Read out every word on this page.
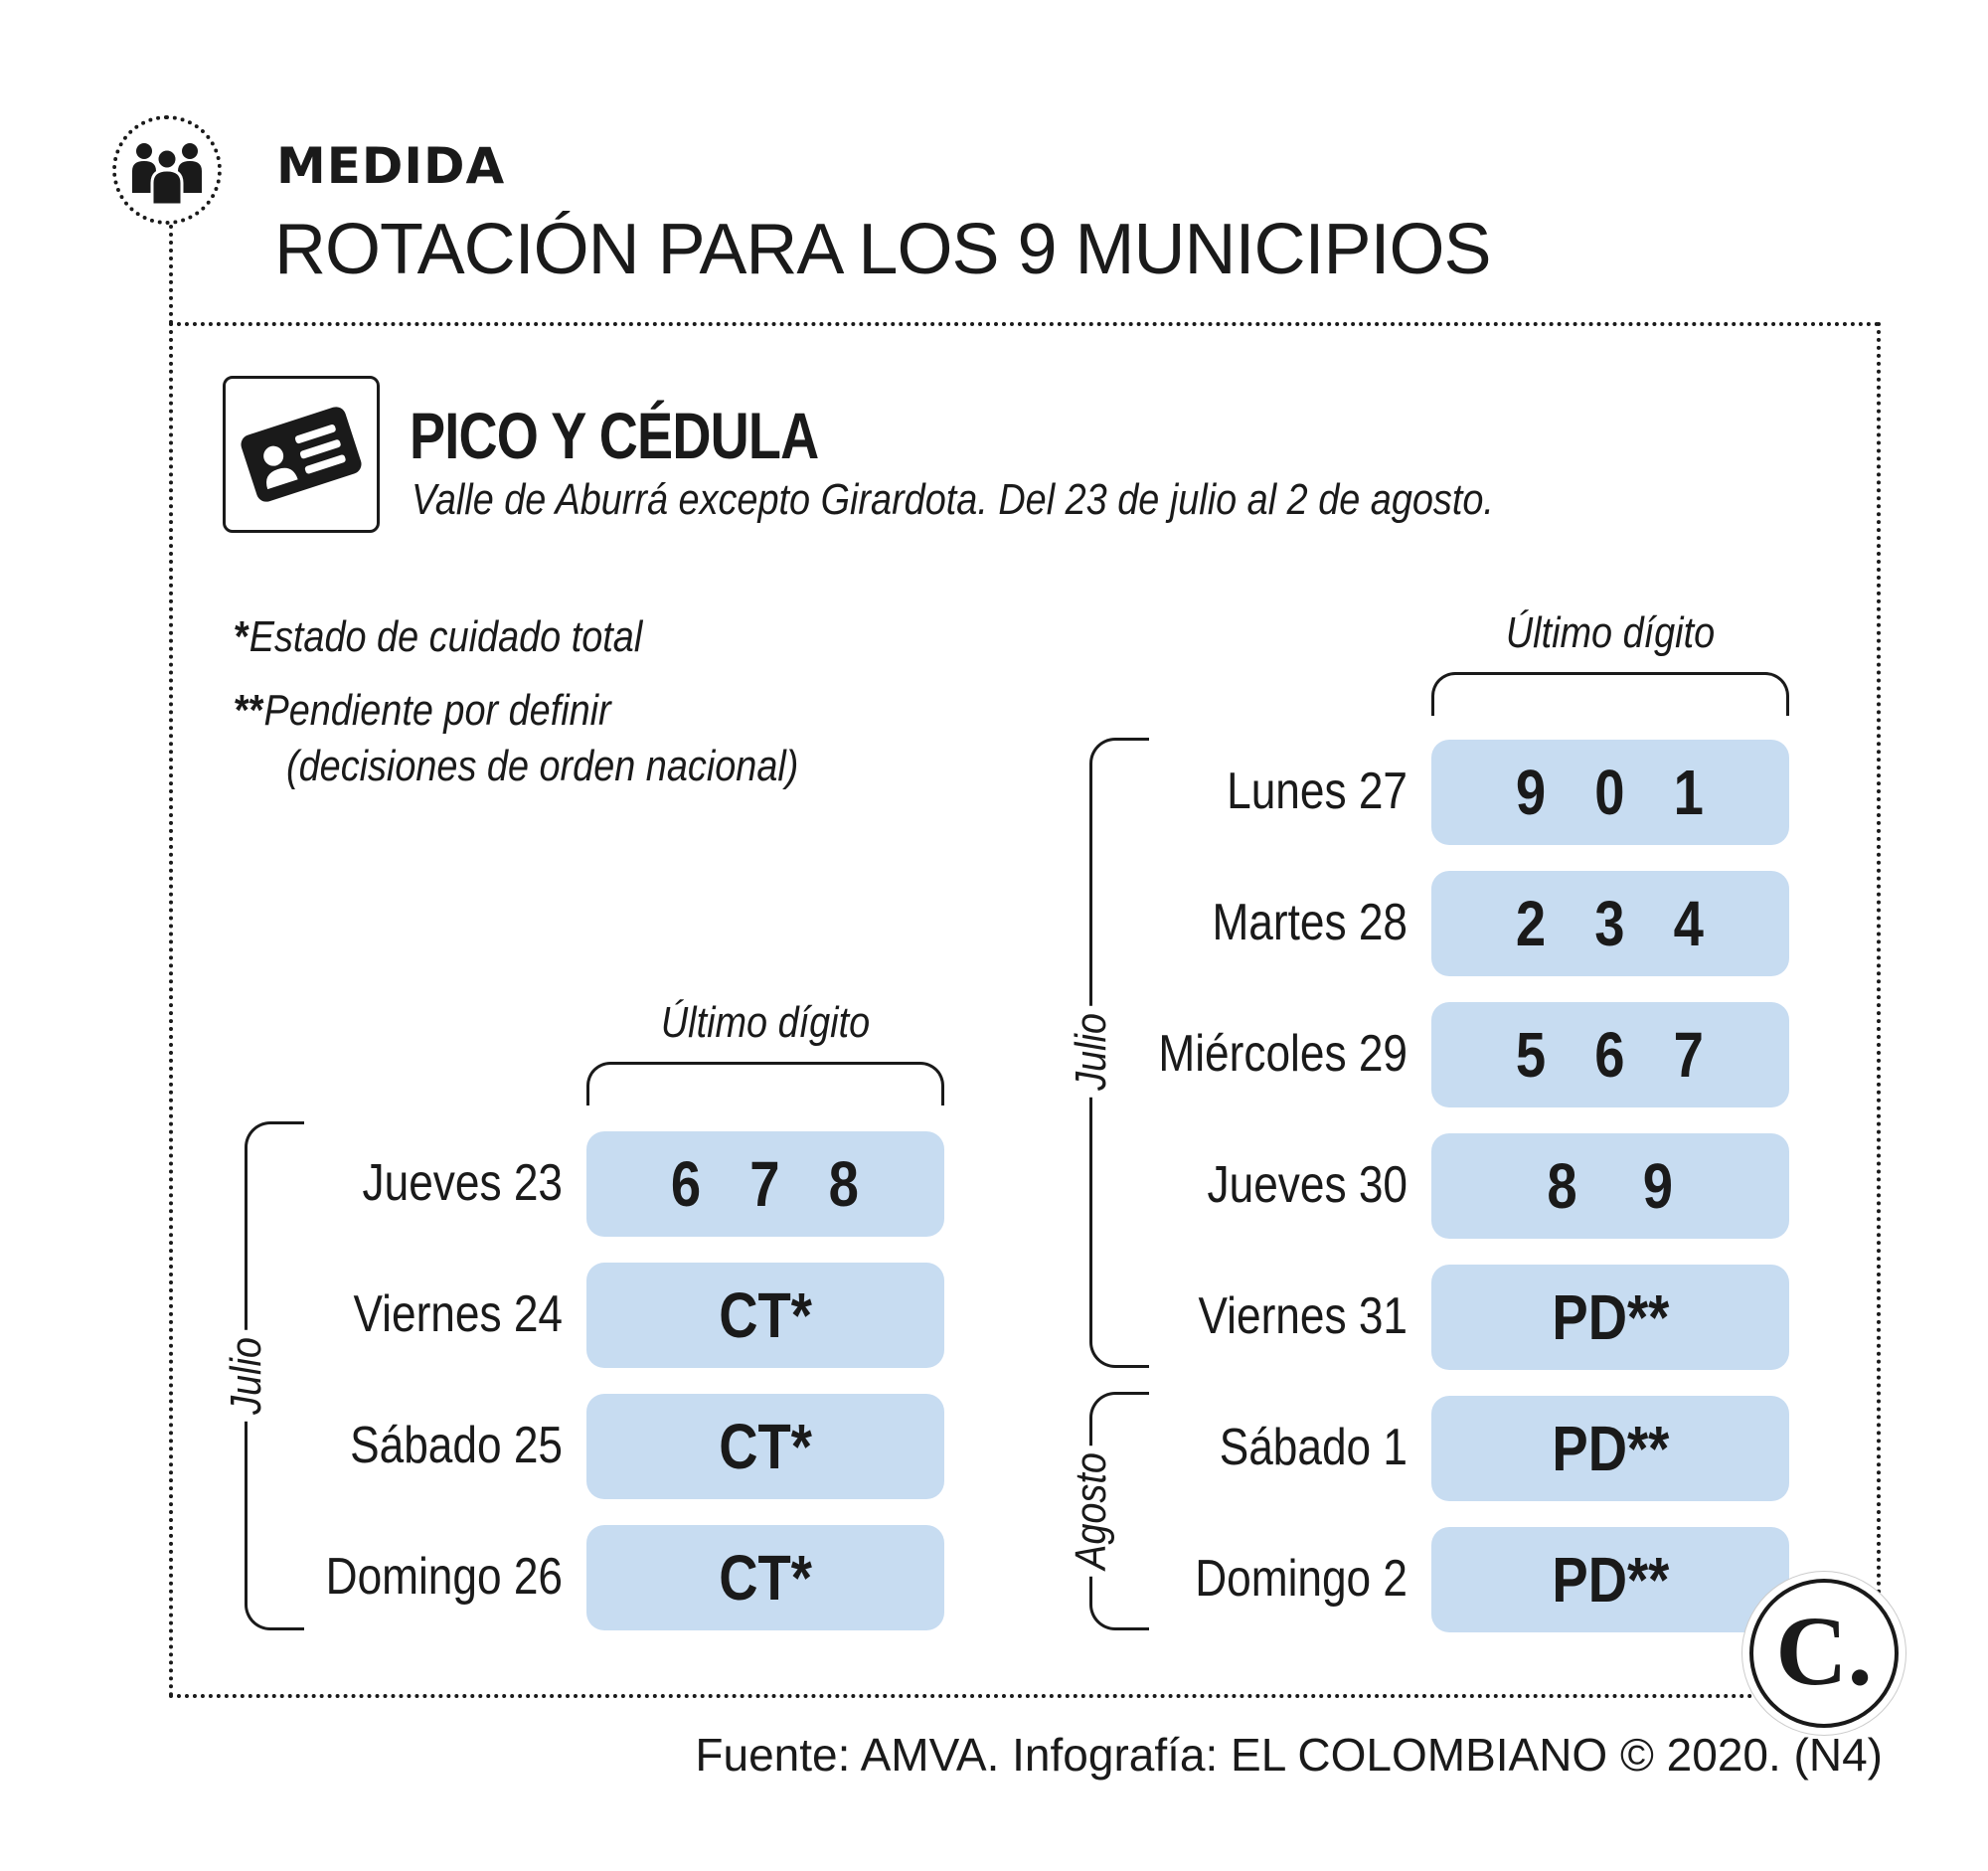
MEDIDA
ROTACIÓN PARA LOS 9 MUNICIPIOS
PICO Y CÉDULA
Valle de Aburrá excepto Girardota. Del 23 de julio al 2 de agosto.
*Estado de cuidado total
**Pendiente por definir
(decisiones de orden nacional)
Último dígito
Julio
Jueves 23 6 7 8
Viernes 24 CT*
Sábado 25 CT*
Domingo 26 CT*
Último dígito
Julio
Agosto
Lunes 27 9 0 1
Martes 28 2 3 4
Miércoles 29 5 6 7
Jueves 30 8 9
Viernes 31 PD**
Sábado 1 PD**
Domingo 2 PD**
C.
Fuente: AMVA. Infografía: EL COLOMBIANO © 2020. (N4)
